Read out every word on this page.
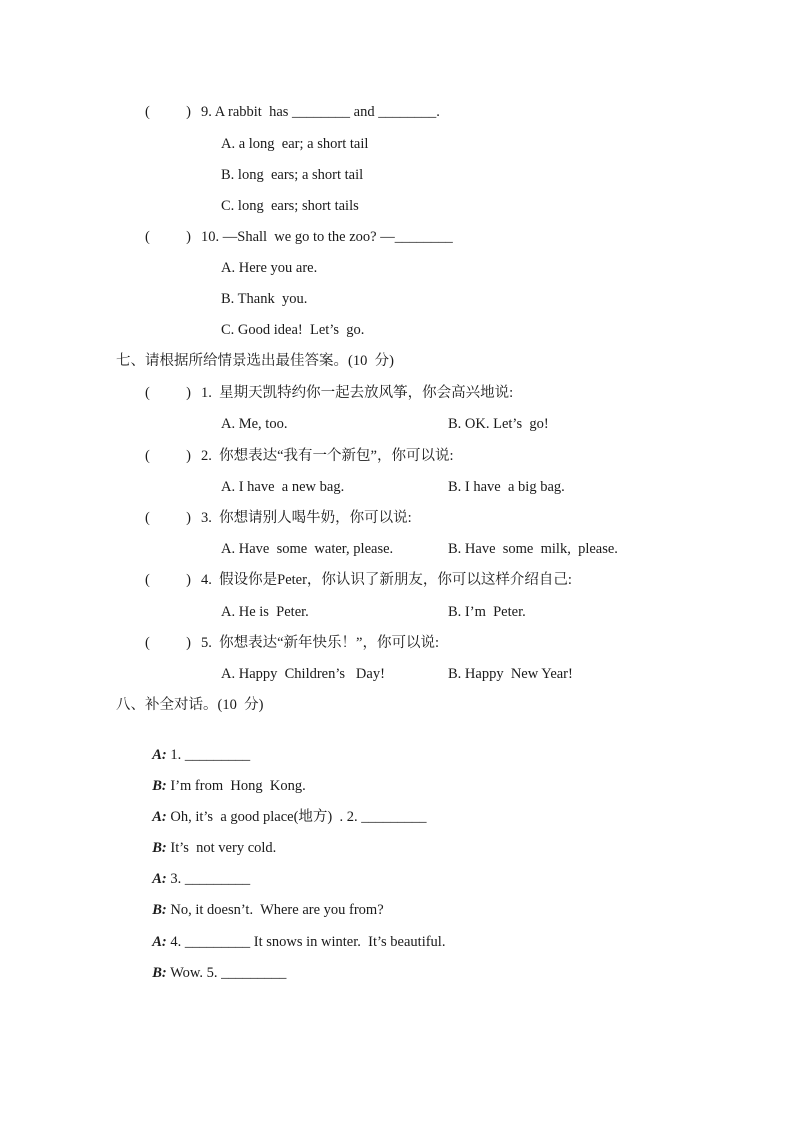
(          ) 9. A rabbit  has ________ and ________.
A. a long  ear; a short tail
B. long  ears; a short tail
C. long  ears; short tails
(          ) 10. —Shall  we go to the zoo? —________
A. Here you are.
B. Thank  you.
C. Good idea!  Let’s  go.
七、请根据所给情景选出最佳答案。(10  分)
(          ) 1.  星期天凯特约你一起去放风筝，你会高兴地说:
A. Me, too.	B. OK. Let’s  go!
(          ) 2.  你想表达“我有一个新包”，你可以说:
A. I have  a new bag.	B. I have  a big bag.
(          ) 3.  你想请别人喝牛奶，你可以说:
A. Have  some  water, please.	B. Have  some  milk,  please.
(          ) 4.  假设你是Peter，你认识了新朋友，你可以这样介绍自己:
A. He is  Peter.	B. I’m  Peter.
(          ) 5.  你想表达“新年快乐！”，你可以说:
A. Happy  Children’s   Day!	B. Happy  New Year!
八、补全对话。(10  分)

A: 1. _________

B: I’m from  Hong  Kong.

A: Oh, it’s  a good place(地方)  . 2. _________

B: It’s  not very cold.

A: 3. _________

B: No, it doesn’t.  Where are you from?

A: 4. _________ It snows in winter.  It’s beautiful.

B: Wow. 5. _________
